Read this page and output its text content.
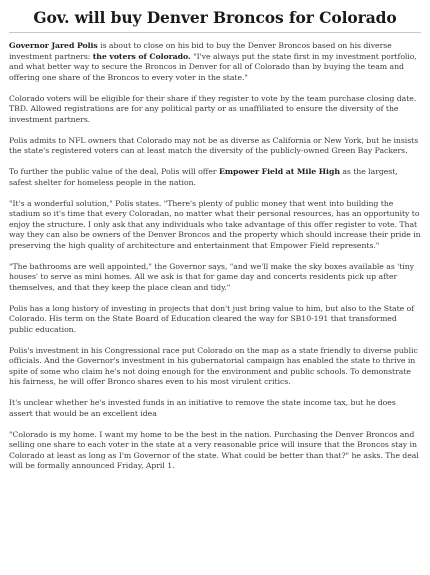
Gov. will buy Denver Broncos for Colorado

Governor Jared Polis is about to close on his bid to buy the Denver Broncos based on his diverse investment partners: the voters of Colorado. "I've always put the state first in my investment portfolio, and what better way to secure the Broncos in Denver for all of Colorado than by buying the team and offering one share of the Broncos to every voter in the state."

Colorado voters will be eligible for their share if they register to vote by the team purchase closing date. TBD. Allowed registrations are for any political party or as unaffiliated to ensure the diversity of the investment partners.

Polis admits to NFL owners that Colorado may not be as diverse as California or New York, but he insists the state's registered voters can at least match the diversity of the publicly-owned Green Bay Packers.

To further the public value of the deal, Polis will offer Empower Field at Mile High as the largest, safest shelter for homeless people in the nation.

"It's a wonderful solution," Polis states. "There's plenty of public money that went into building the stadium so it's time that every Coloradan, no matter what their personal resources, has an opportunity to enjoy the structure. I only ask that any individuals who take advantage of this offer register to vote. That way they can also be owners of the Denver Broncos and the property which should increase their pride in preserving the high quality of architecture and entertainment that Empower Field represents."

"The bathrooms are well appointed," the Governor says, "and we'll make the sky boxes available as 'tiny houses' to serve as mini homes. All we ask is that for game day and concerts residents pick up after themselves, and that they keep the place clean and tidy."

Polis has a long history of investing in projects that don't just bring value to him, but also to the State of Colorado. His term on the State Board of Education cleared the way for SB10-191 that transformed public education.

Polis's investment in his Congressional race put Colorado on the map as a state friendly to diverse public officials. And the Governor's investment in his gubernatorial campaign has enabled the state to thrive in spite of some who claim he's not doing enough for the environment and public schools. To demonstrate his fairness, he will offer Bronco shares even to his most virulent critics.

It's unclear whether he's invested funds in an initiative to remove the state income tax, but he does assert that would be an excellent idea

"Colorado is my home. I want my home to be the best in the nation. Purchasing the Denver Broncos and selling one share to each voter in the state at a very reasonable price will insure that the Broncos stay in Colorado at least as long as I'm Governor of the state. What could be better than that?" he asks. The deal will be formally announced Friday, April 1.
